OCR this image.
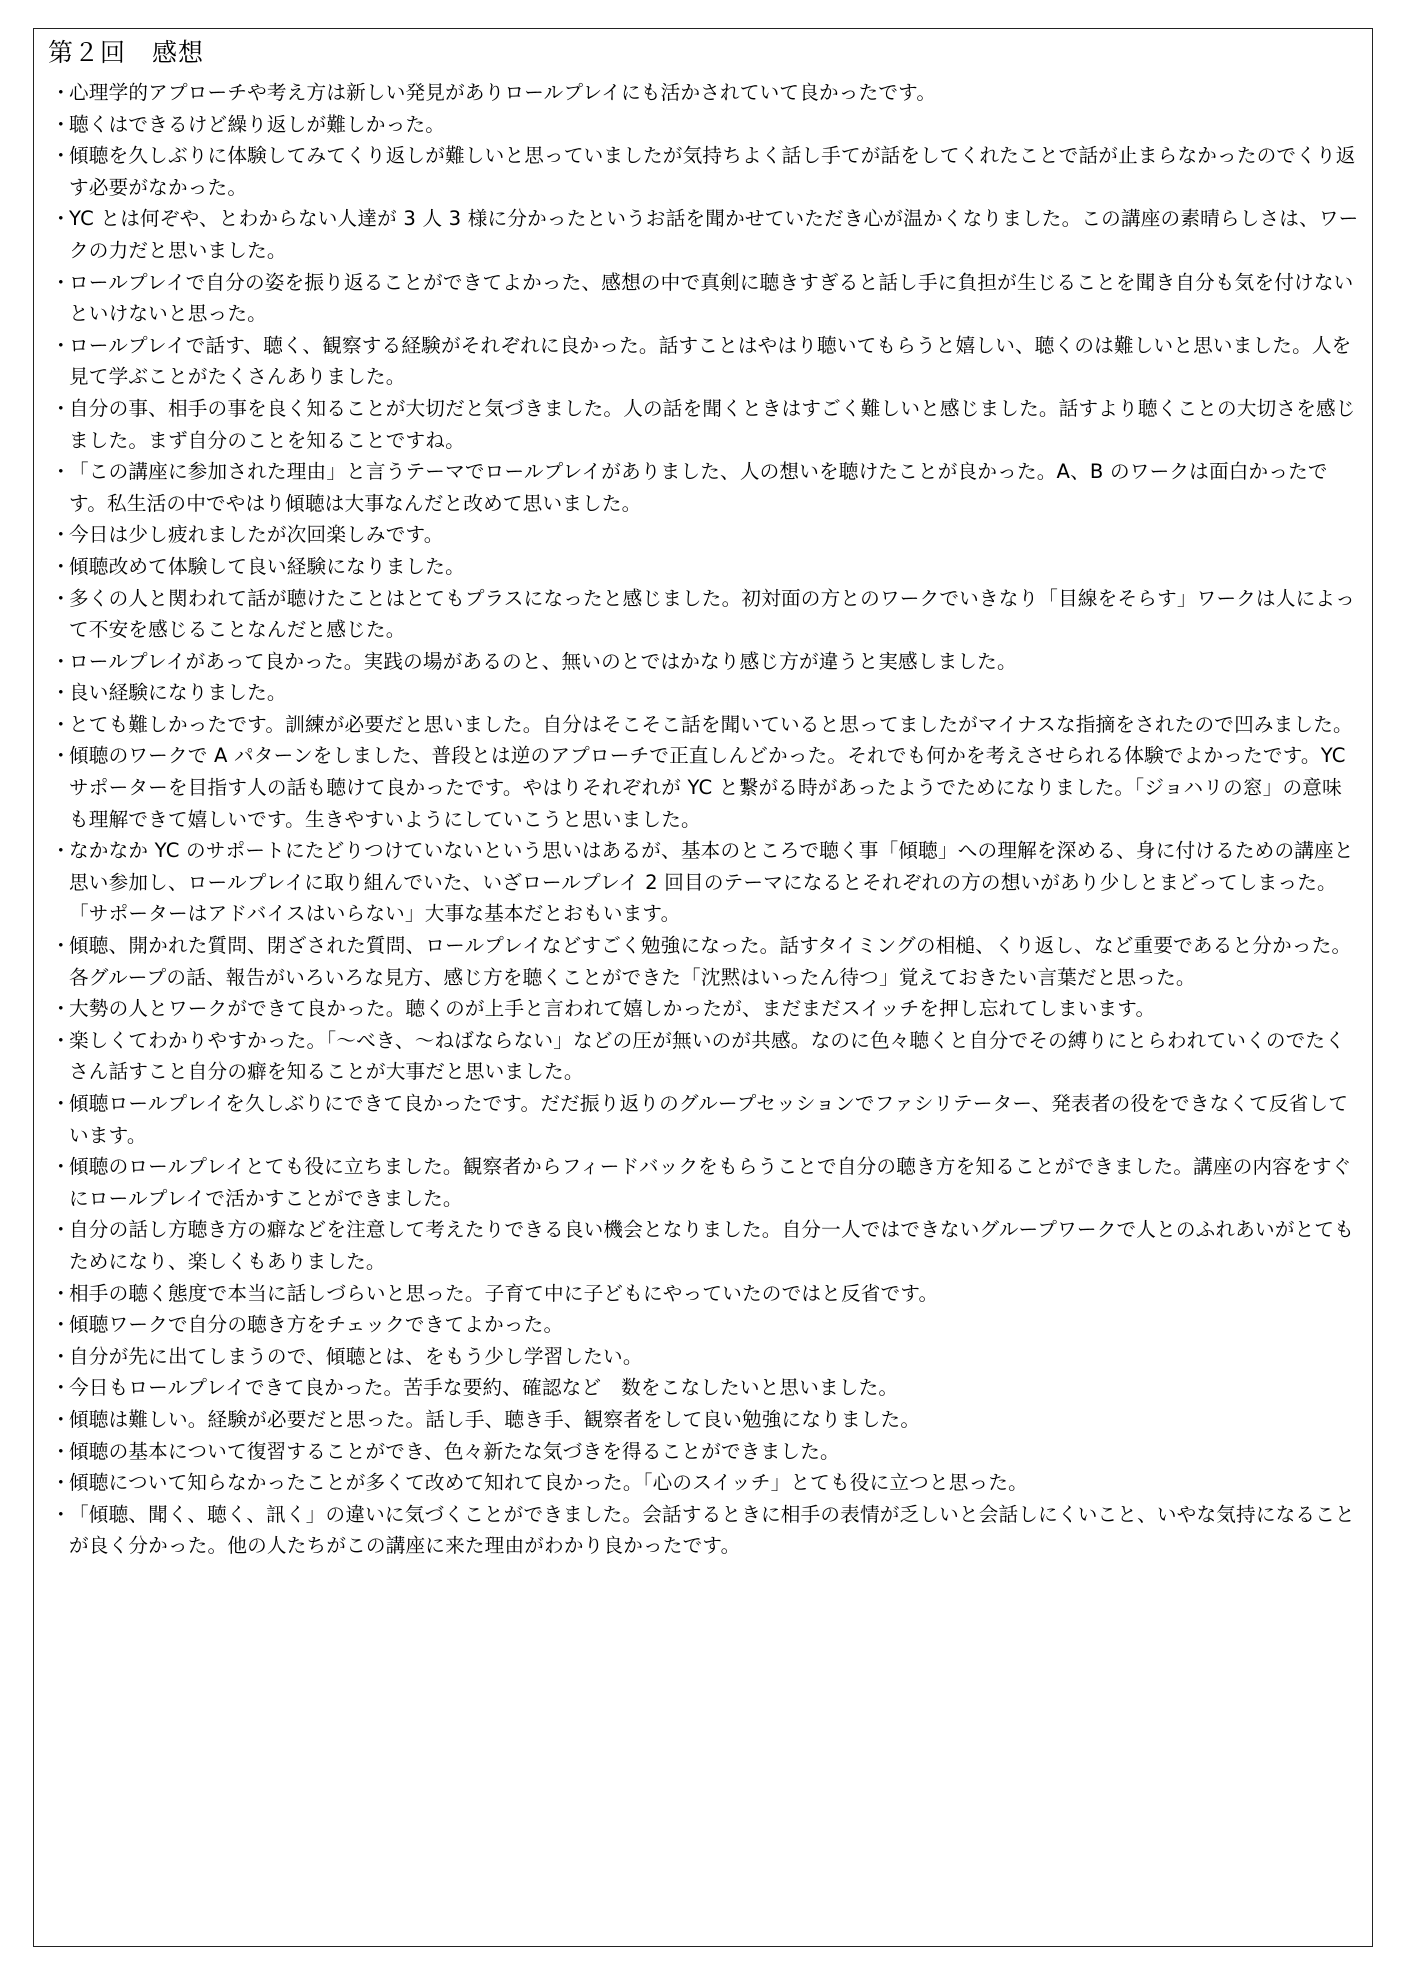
第２回　感想
・
心理学的アプローチや考え方は新しい発見がありロールプレイにも活かされていて良かったです。
・
聴くはできるけど繰り返しが難しかった。
・
傾聴を久しぶりに体験してみてくり返しが難しいと思っていましたが気持ちよく話し手てが話をしてくれたことで話が止まらなかったのでくり返す必要がなかった。
・
YC とは何ぞや、とわからない人達が 3 人 3 様に分かったというお話を聞かせていただき心が温かくなりました。この講座の素晴らしさは、ワークの力だと思いました。
・
ロールプレイで自分の姿を振り返ることができてよかった、感想の中で真剣に聴きすぎると話し手に負担が生じることを聞き自分も気を付けないといけないと思った。
・
ロールプレイで話す、聴く、観察する経験がそれぞれに良かった。話すことはやはり聴いてもらうと嬉しい、聴くのは難しいと思いました。人を見て学ぶことがたくさんありました。
・
自分の事、相手の事を良く知ることが大切だと気づきました。人の話を聞くときはすごく難しいと感じました。話すより聴くことの大切さを感じました。まず自分のことを知ることですね。
・
「この講座に参加された理由」と言うテーマでロールプレイがありました、人の想いを聴けたことが良かった。A、B のワークは面白かったです。私生活の中でやはり傾聴は大事なんだと改めて思いました。
・
今日は少し疲れましたが次回楽しみです。
・
傾聴改めて体験して良い経験になりました。
・
多くの人と関われて話が聴けたことはとてもプラスになったと感じました。初対面の方とのワークでいきなり「目線をそらす」ワークは人によって不安を感じることなんだと感じた。
・
ロールプレイがあって良かった。実践の場があるのと、無いのとではかなり感じ方が違うと実感しました。
・
良い経験になりました。
・
とても難しかったです。訓練が必要だと思いました。自分はそこそこ話を聞いていると思ってましたがマイナスな指摘をされたので凹みました。
・
傾聴のワークで A パターンをしました、普段とは逆のアプローチで正直しんどかった。それでも何かを考えさせられる体験でよかったです。YC サポーターを目指す人の話も聴けて良かったです。やはりそれぞれが YC と繋がる時があったようでためになりました。「ジョハリの窓」の意味も理解できて嬉しいです。生きやすいようにしていこうと思いました。
・
なかなか YC のサポートにたどりつけていないという思いはあるが、基本のところで聴く事「傾聴」への理解を深める、身に付けるための講座と思い参加し、ロールプレイに取り組んでいた、いざロールプレイ 2 回目のテーマになるとそれぞれの方の想いがあり少しとまどってしまった。「サポーターはアドバイスはいらない」大事な基本だとおもいます。
・
傾聴、開かれた質問、閉ざされた質問、ロールプレイなどすごく勉強になった。話すタイミングの相槌、くり返し、など重要であると分かった。各グループの話、報告がいろいろな見方、感じ方を聴くことができた「沈黙はいったん待つ」覚えておきたい言葉だと思った。
・
大勢の人とワークができて良かった。聴くのが上手と言われて嬉しかったが、まだまだスイッチを押し忘れてしまいます。
・
楽しくてわかりやすかった。「～べき、～ねばならない」などの圧が無いのが共感。なのに色々聴くと自分でその縛りにとらわれていくのでたくさん話すこと自分の癖を知ることが大事だと思いました。
・
傾聴ロールプレイを久しぶりにできて良かったです。だだ振り返りのグループセッションでファシリテーター、発表者の役をできなくて反省しています。
・
傾聴のロールプレイとても役に立ちました。観察者からフィードバックをもらうことで自分の聴き方を知ることができました。講座の内容をすぐにロールプレイで活かすことができました。
・
自分の話し方聴き方の癖などを注意して考えたりできる良い機会となりました。自分一人ではできないグループワークで人とのふれあいがとてもためになり、楽しくもありました。
・
相手の聴く態度で本当に話しづらいと思った。子育て中に子どもにやっていたのではと反省です。
・
傾聴ワークで自分の聴き方をチェックできてよかった。
・
自分が先に出てしまうので、傾聴とは、をもう少し学習したい。
・
今日もロールプレイできて良かった。苦手な要約、確認など　数をこなしたいと思いました。
・
傾聴は難しい。経験が必要だと思った。話し手、聴き手、観察者をして良い勉強になりました。
・
傾聴の基本について復習することができ、色々新たな気づきを得ることができました。
・
傾聴について知らなかったことが多くて改めて知れて良かった。「心のスイッチ」とても役に立つと思った。
・
「傾聴、聞く、聴く、訊く」の違いに気づくことができました。会話するときに相手の表情が乏しいと会話しにくいこと、いやな気持になることが良く分かった。他の人たちがこの講座に来た理由がわかり良かったです。
